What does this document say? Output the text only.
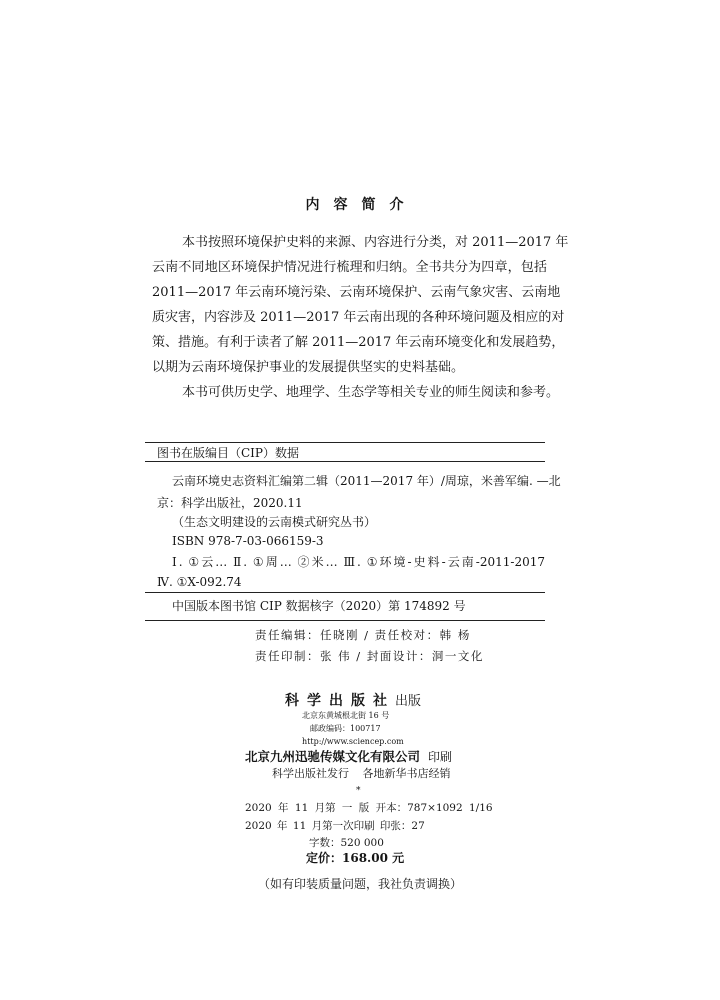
内容简介
本书按照环境保护史料的来源、内容进行分类，对 2011—2017 年
云南不同地区环境保护情况进行梳理和归纳。全书共分为四章，包括
2011—2017 年云南环境污染、云南环境保护、云南气象灾害、云南地
质灾害，内容涉及 2011—2017 年云南出现的各种环境问题及相应的对
策、措施。有利于读者了解 2011—2017 年云南环境变化和发展趋势，
以期为云南环境保护事业的发展提供坚实的史料基础。
本书可供历史学、地理学、生态学等相关专业的师生阅读和参考。
图书在版编目（CIP）数据
云南环境史志资料汇编第二辑（2011—2017 年）/周琼，米善军编. —北
京：科学出版社，2020.11
（生态文明建设的云南模式研究丛书）
ISBN 978-7-03-066159-3
Ⅰ. ①云… Ⅱ. ①周… ②米… Ⅲ. ①环境-史料-云南-2011-2017
Ⅳ. ①X-092.74
中国版本图书馆 CIP 数据核字（2020）第 174892 号
责任编辑：任晓刚 / 责任校对：韩 杨
责任印制：张 伟 / 封面设计：洞一文化
科学出版社出版
北京东黄城根北街 16 号
邮政编码：100717
http://www.sciencep.com
北京九州迅驰传媒文化有限公司 印刷
科学出版社发行 各地新华书店经销
*
2020 年 11 月第 一 版 开本：787×1092 1/16
2020 年 11 月第一次印刷 印张：27
字数：520 000
定价：168.00 元
（如有印装质量问题，我社负责调换）
